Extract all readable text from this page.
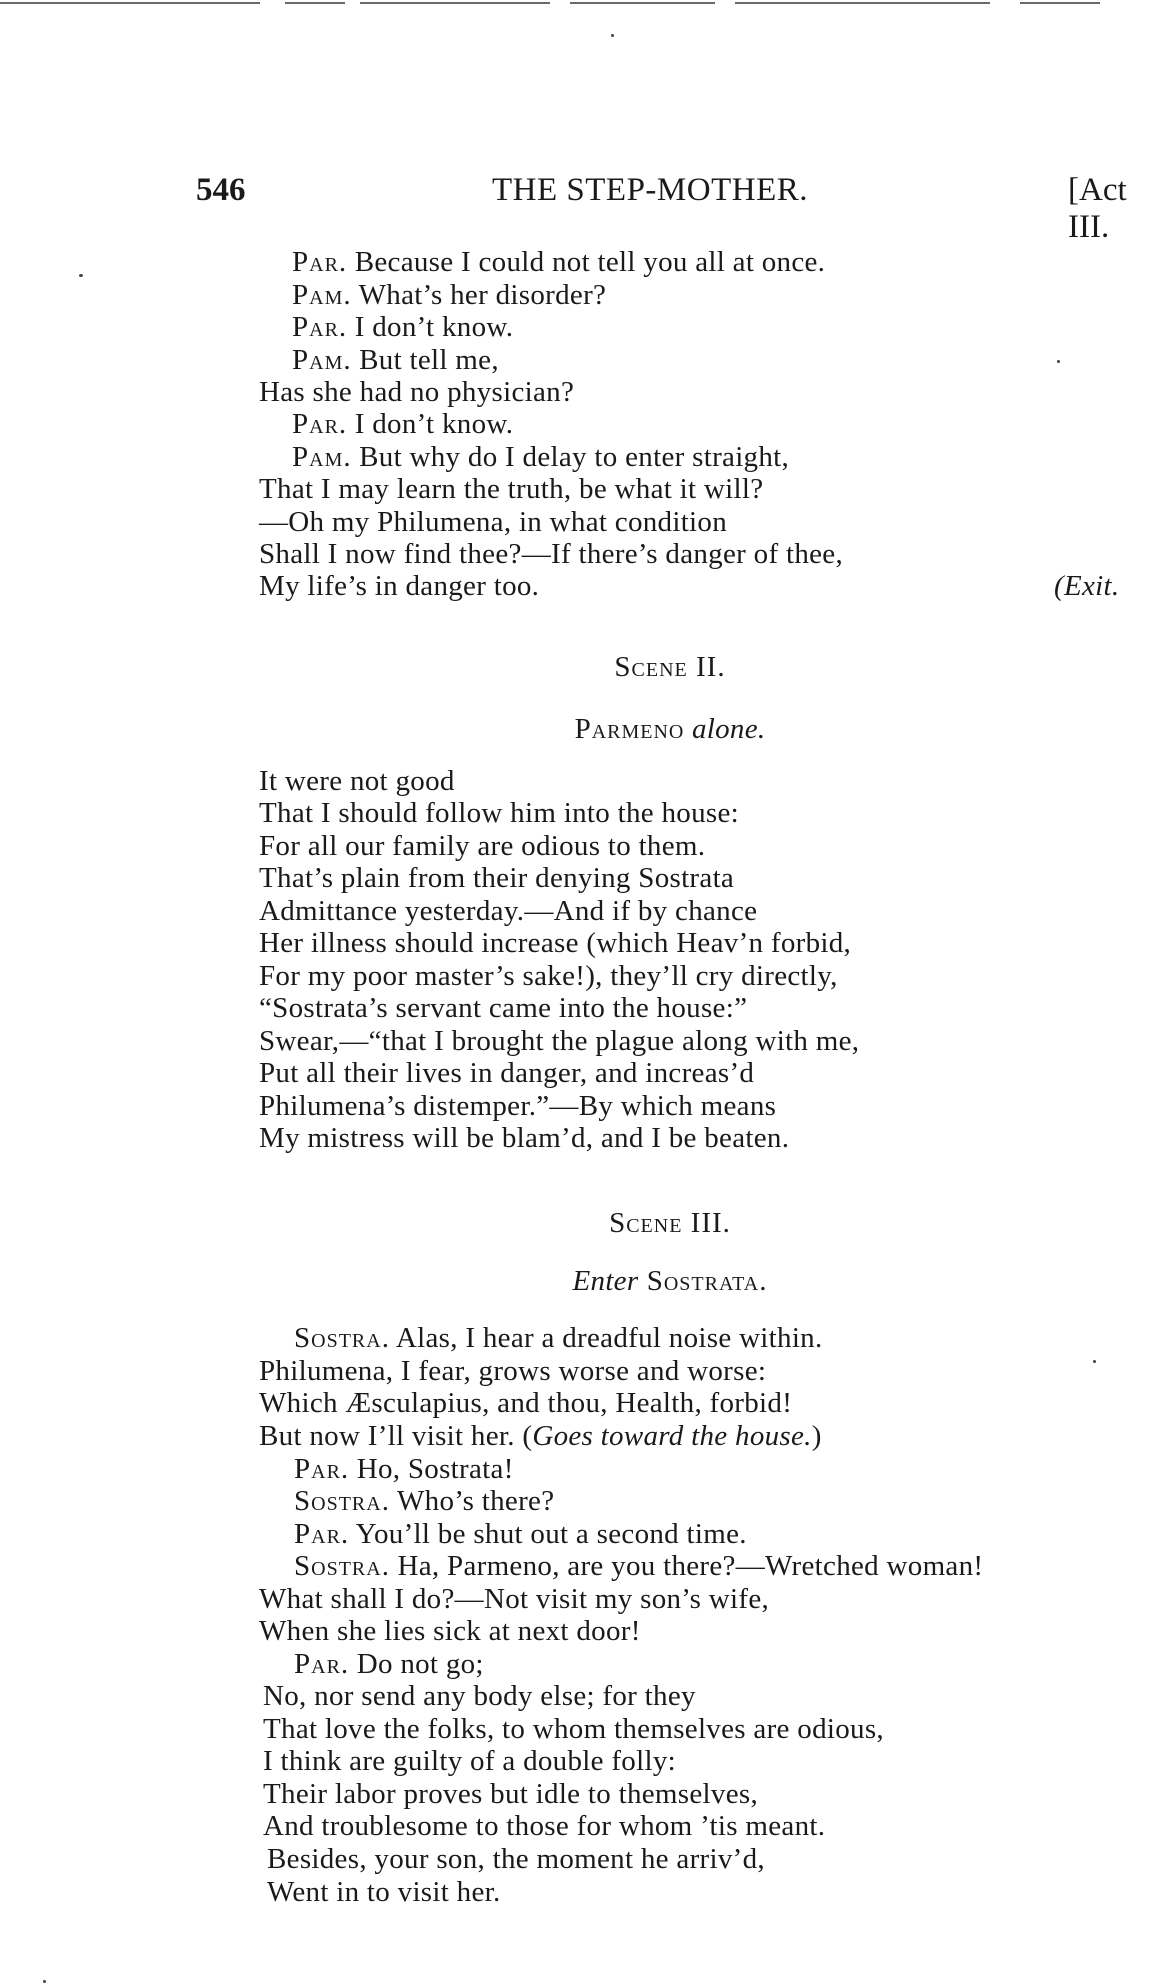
546	THE STEP-MOTHER.	[Act III.
Par. Because I could not tell you all at once.
Pam. What’s her disorder?
Par. I don’t know.
Pam. But tell me,
Has she had no physician?
Par. I don’t know.
Pam. But why do I delay to enter straight,
That I may learn the truth, be what it will?
—Oh my Philumena, in what condition
Shall I now find thee?—If there’s danger of thee,
My life’s in danger too.	(Exit.
Scene II.
Parmeno alone.
It were not good
That I should follow him into the house:
For all our family are odious to them.
That’s plain from their denying Sostrata
Admittance yesterday.—And if by chance
Her illness should increase (which Heav’n forbid,
For my poor master’s sake!), they’ll cry directly,
“Sostrata’s servant came into the house:”
Swear,—“that I brought the plague along with me,
Put all their lives in danger, and increas’d
Philumena’s distemper.”—By which means
My mistress will be blam’d, and I be beaten.
Scene III.
Enter Sostrata.
Sostra. Alas, I hear a dreadful noise within.
Philumena, I fear, grows worse and worse:
Which Æsculapius, and thou, Health, forbid!
But now I’ll visit her. (Goes toward the house.)
Par. Ho, Sostrata!
Sostra. Who’s there?
Par. You’ll be shut out a second time.
Sostra. Ha, Parmeno, are you there?—Wretched woman!
What shall I do?—Not visit my son’s wife,
When she lies sick at next door!
Par. Do not go;
No, nor send any body else; for they
That love the folks, to whom themselves are odious,
I think are guilty of a double folly:
Their labor proves but idle to themselves,
And troublesome to those for whom ’tis meant.
Besides, your son, the moment he arriv’d,
Went in to visit her.
